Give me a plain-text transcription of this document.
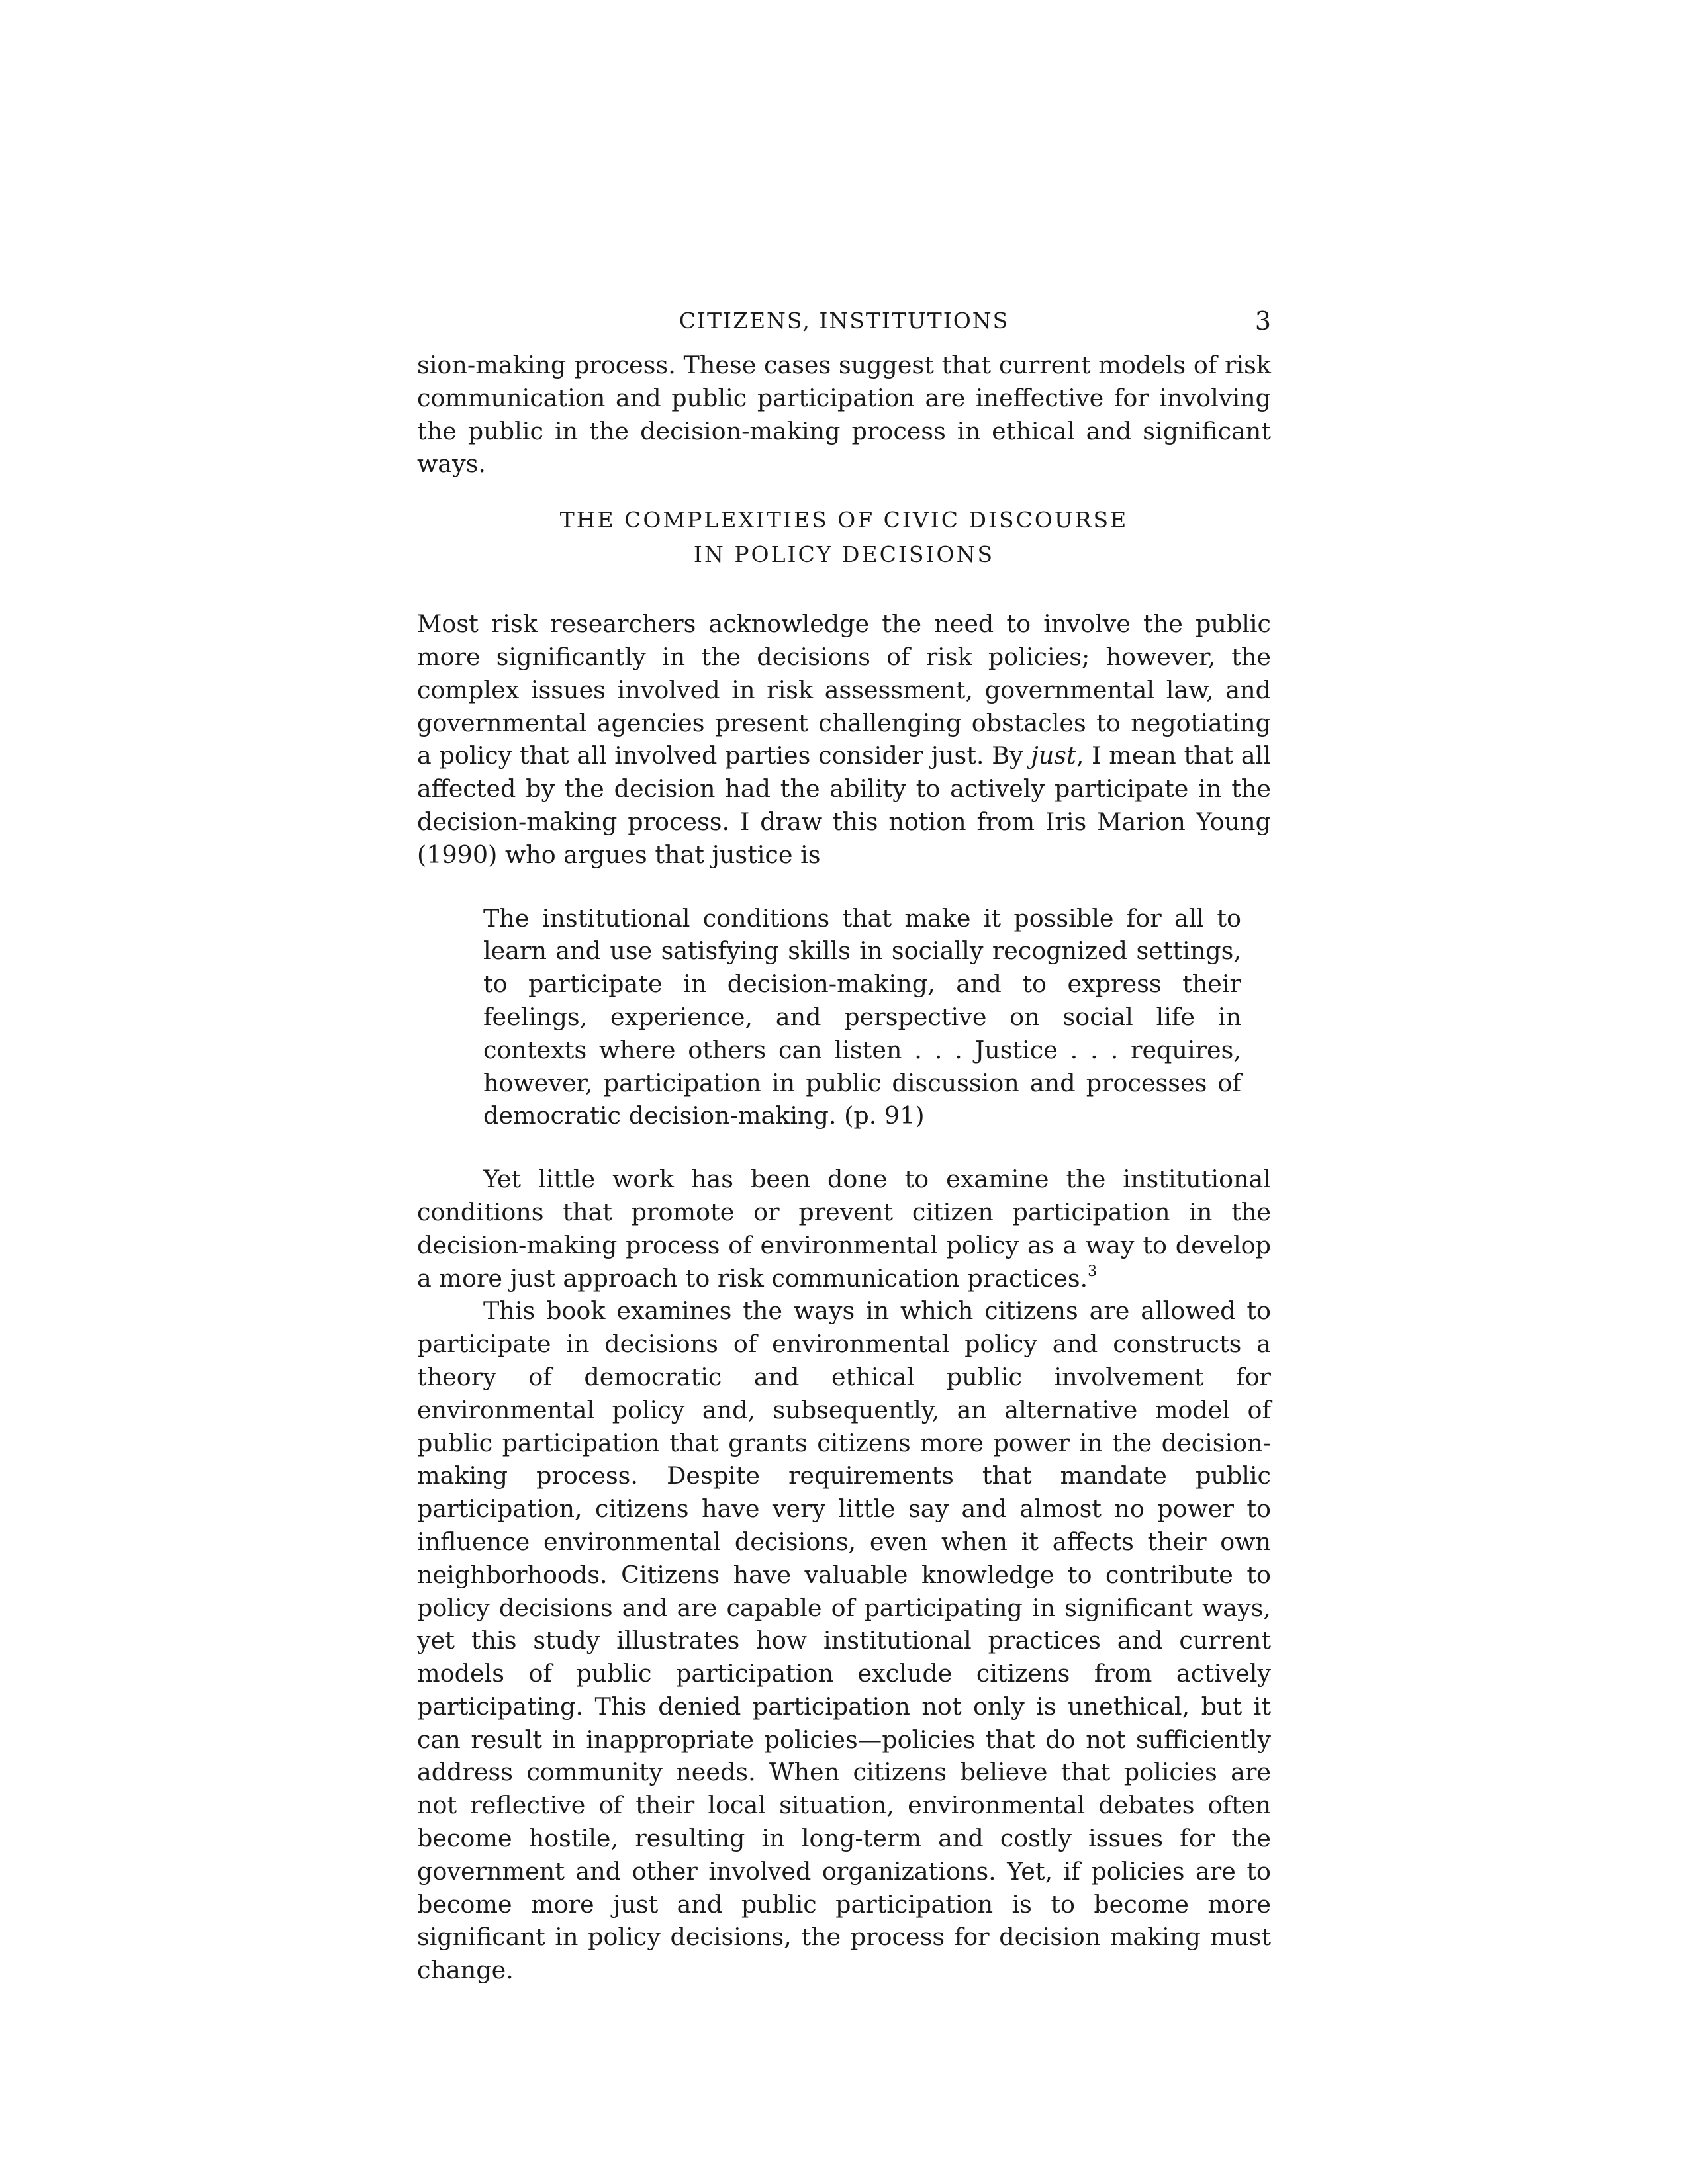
CITIZENS, INSTITUTIONS	3

sion-making process. These cases suggest that current models of risk communication and public participation are ineffective for involving the public in the decision-making process in ethical and significant ways.

THE COMPLEXITIES OF CIVIC DISCOURSE
IN POLICY DECISIONS

Most risk researchers acknowledge the need to involve the public more significantly in the decisions of risk policies; however, the complex issues involved in risk assessment, governmental law, and governmental agencies present challenging obstacles to negotiating a policy that all involved parties consider just. By just, I mean that all affected by the decision had the ability to actively participate in the decision-making process. I draw this notion from Iris Marion Young (1990) who argues that justice is

The institutional conditions that make it possible for all to learn and use satisfying skills in socially recognized settings, to participate in decision-making, and to express their feelings, experience, and perspective on social life in contexts where others can listen . . . Justice . . . requires, however, participation in public discussion and processes of democratic decision-making. (p. 91)

Yet little work has been done to examine the institutional conditions that promote or prevent citizen participation in the decision-making process of environmental policy as a way to develop a more just approach to risk communication practices.$^3$

This book examines the ways in which citizens are allowed to participate in decisions of environmental policy and constructs a theory of democratic and ethical public involvement for environmental policy and, subsequently, an alternative model of public participation that grants citizens more power in the decision-making process. Despite requirements that mandate public participation, citizens have very little say and almost no power to influence environmental decisions, even when it affects their own neighborhoods. Citizens have valuable knowledge to contribute to policy decisions and are capable of participating in significant ways, yet this study illustrates how institutional practices and current models of public participation exclude citizens from actively participating. This denied participation not only is unethical, but it can result in inappropriate policies—policies that do not sufficiently address community needs. When citizens believe that policies are not reflective of their local situation, environmental debates often become hostile, resulting in long-term and costly issues for the government and other involved organizations. Yet, if policies are to become more just and public participation is to become more significant in policy decisions, the process for decision making must change.
